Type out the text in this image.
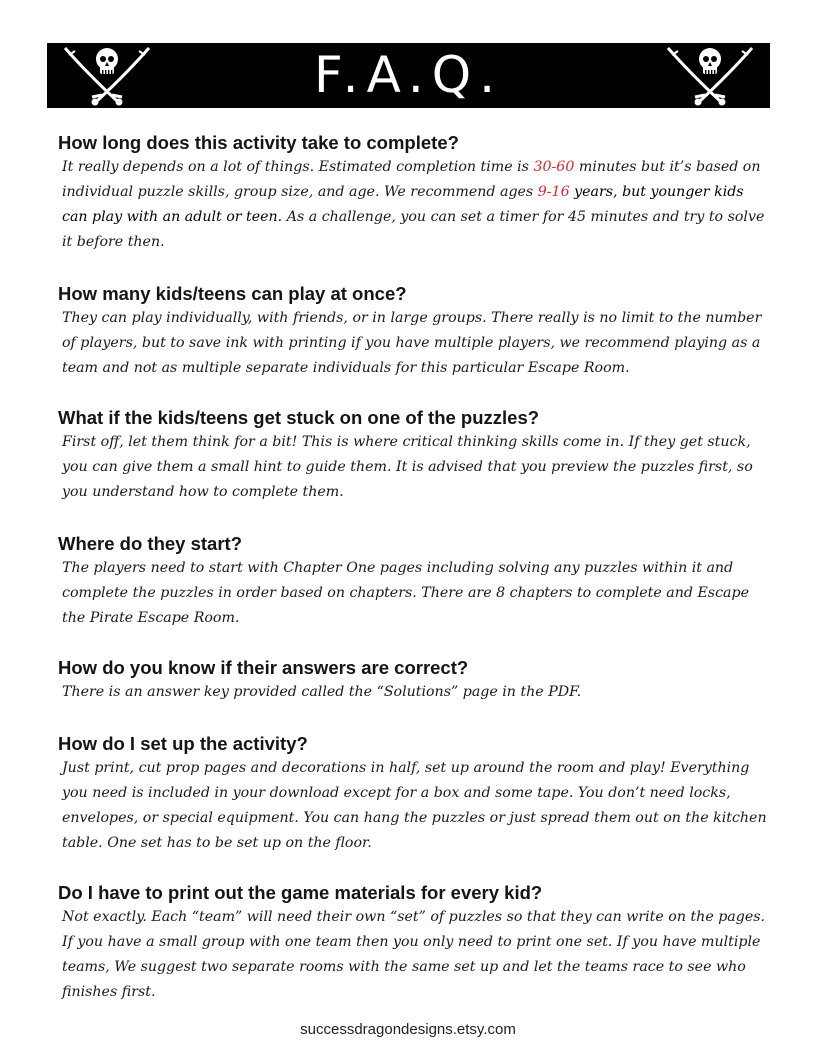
F.A.Q.
How long does this activity take to complete?

It really depends on a lot of things. Estimated completion time is 30-60 minutes but it’s based on individual puzzle skills, group size, and age. We recommend ages 9-16 years, but younger kids can play with an adult or teen. As a challenge, you can set a timer for 45 minutes and try to solve it before then.

How many kids/teens can play at once?

They can play individually, with friends, or in large groups. There really is no limit to the number of players, but to save ink with printing if you have multiple players, we recommend playing as a team and not as multiple separate individuals for this particular Escape Room.

What if the kids/teens get stuck on one of the puzzles?

First off, let them think for a bit! This is where critical thinking skills come in. If they get stuck, you can give them a small hint to guide them. It is advised that you preview the puzzles first, so you understand how to complete them.

Where do they start?

The players need to start with Chapter One pages including solving any puzzles within it and complete the puzzles in order based on chapters. There are 8 chapters to complete and Escape the Pirate Escape Room.

How do you know if their answers are correct?

There is an answer key provided called the “Solutions” page in the PDF.

How do I set up the activity?

Just print, cut prop pages and decorations in half, set up around the room and play! Everything you need is included in your download except for a box and some tape. You don’t need locks, envelopes, or special equipment. You can hang the puzzles or just spread them out on the kitchen table. One set has to be set up on the floor.

Do I have to print out the game materials for every kid?

Not exactly. Each “team” will need their own “set” of puzzles so that they can write on the pages. If you have a small group with one team then you only need to print one set. If you have multiple teams, We suggest two separate rooms with the same set up and let the teams race to see who finishes first.

successdragondesigns.etsy.com
